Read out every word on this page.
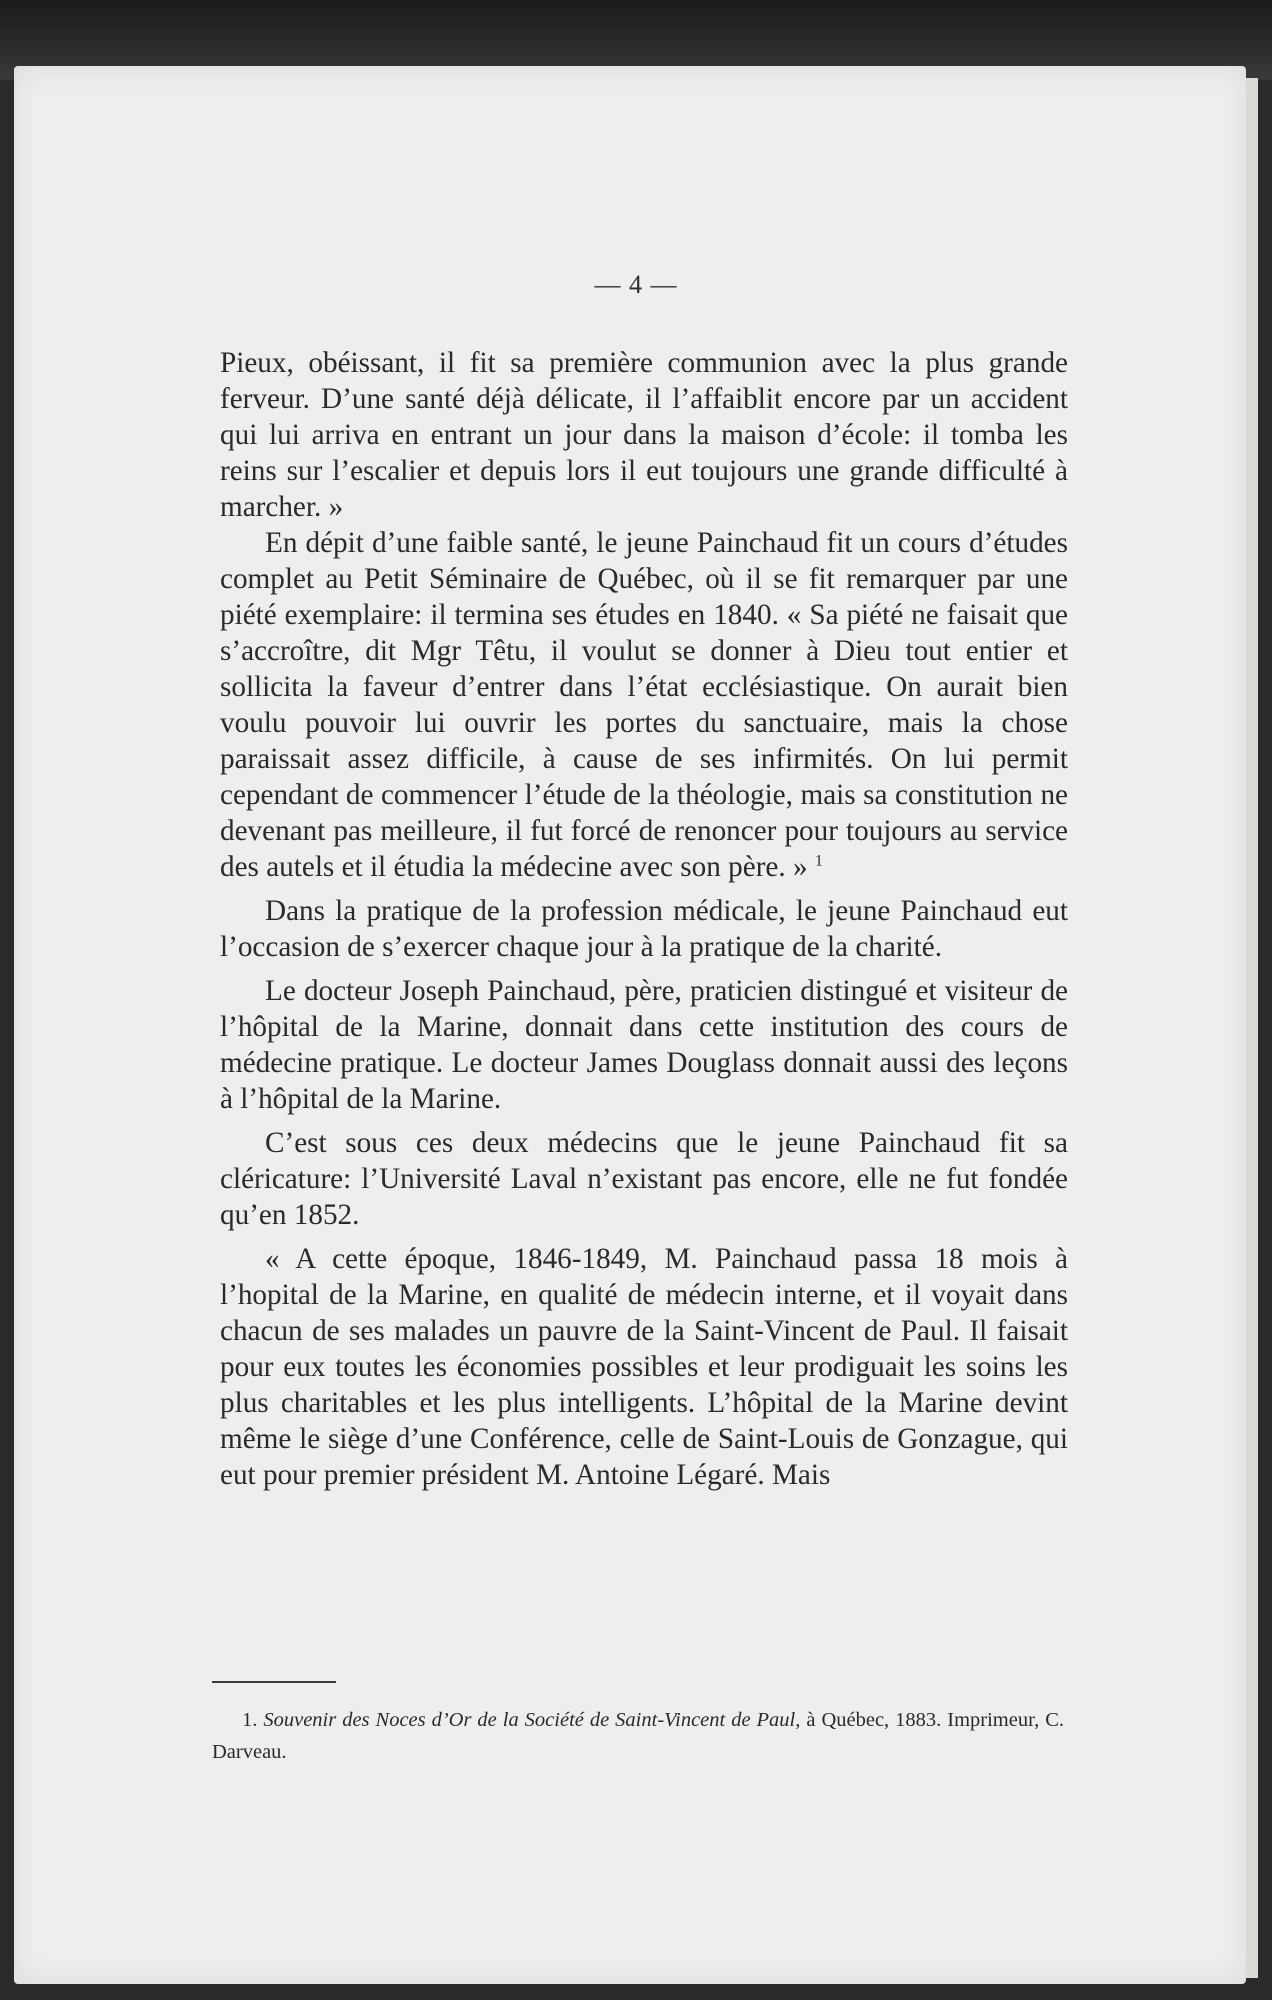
— 4 —

Pieux, obéissant, il fit sa première communion avec la plus grande ferveur. D’une santé déjà délicate, il l’affaiblit encore par un accident qui lui arriva en entrant un jour dans la maison d’école: il tomba les reins sur l’escalier et depuis lors il eut toujours une grande difficulté à marcher. »

En dépit d’une faible santé, le jeune Painchaud fit un cours d’études complet au Petit Séminaire de Québec, où il se fit remarquer par une piété exemplaire: il termina ses études en 1840. « Sa piété ne faisait que s’accroître, dit Mgr Têtu, il voulut se donner à Dieu tout entier et sollicita la faveur d’entrer dans l’état ecclésiastique. On aurait bien voulu pouvoir lui ouvrir les portes du sanctuaire, mais la chose paraissait assez difficile, à cause de ses infirmités. On lui permit cependant de commencer l’étude de la théologie, mais sa constitution ne devenant pas meilleure, il fut forcé de renoncer pour toujours au service des autels et il étudia la médecine avec son père. » $^1$

Dans la pratique de la profession médicale, le jeune Painchaud eut l’occasion de s’exercer chaque jour à la pratique de la charité.

Le docteur Joseph Painchaud, père, praticien distingué et visiteur de l’hôpital de la Marine, donnait dans cette institution des cours de médecine pratique. Le docteur James Douglass donnait aussi des leçons à l’hôpital de la Marine.

C’est sous ces deux médecins que le jeune Painchaud fit sa cléricature: l’Université Laval n’existant pas encore, elle ne fut fondée qu’en 1852.

« A cette époque, 1846-1849, M. Painchaud passa 18 mois à l’hopital de la Marine, en qualité de médecin interne, et il voyait dans chacun de ses malades un pauvre de la Saint-Vincent de Paul. Il faisait pour eux toutes les économies possibles et leur prodiguait les soins les plus charitables et les plus intelligents. L’hôpital de la Marine devint même le siège d’une Conférence, celle de Saint-Louis de Gonzague, qui eut pour premier président M. Antoine Légaré. Mais

1. Souvenir des Noces d’Or de la Société de Saint-Vincent de Paul, à Québec, 1883. Imprimeur, C. Darveau.
